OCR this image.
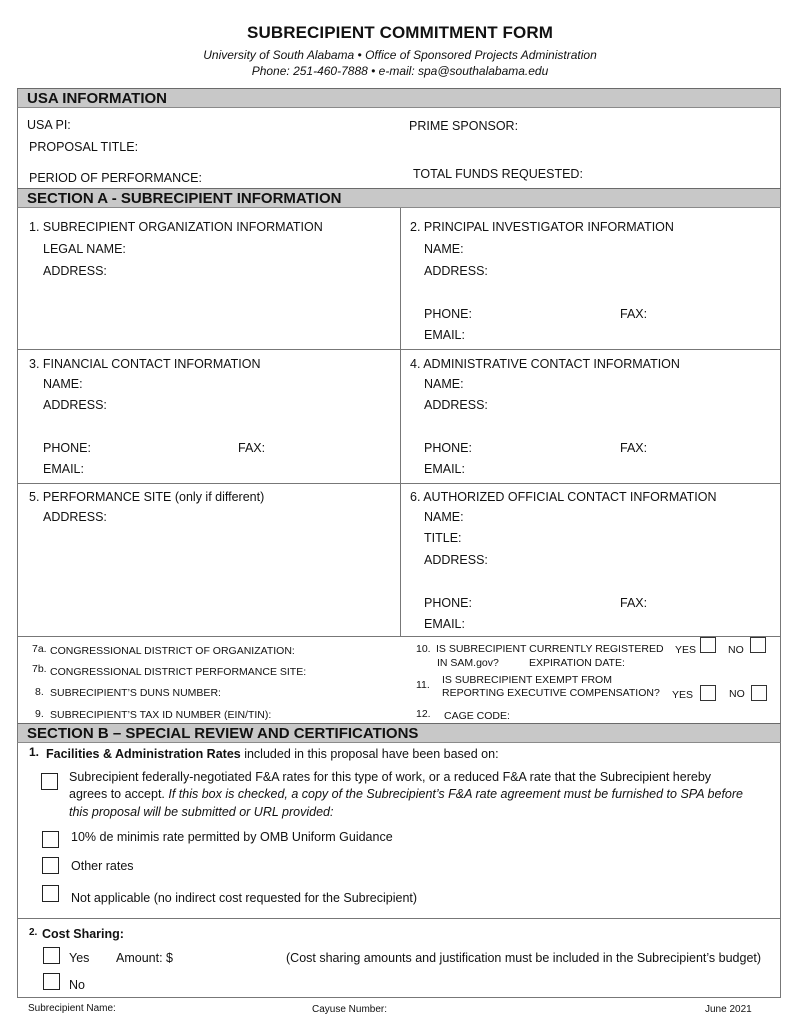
SUBRECIPIENT COMMITMENT FORM
University of South Alabama • Office of Sponsored Projects Administration
Phone: 251-460-7888 • e-mail: spa@southalabama.edu
USA INFORMATION
USA PI:	PRIME SPONSOR:
PROPOSAL TITLE:
PERIOD OF PERFORMANCE:	TOTAL FUNDS REQUESTED:
SECTION A - SUBRECIPIENT INFORMATION
1. SUBRECIPIENT ORGANIZATION INFORMATION
LEGAL NAME:
ADDRESS:
2. PRINCIPAL INVESTIGATOR INFORMATION
NAME:
ADDRESS:
PHONE:	FAX:
EMAIL:
3. FINANCIAL CONTACT INFORMATION
NAME:
ADDRESS:
PHONE:	FAX:
EMAIL:
4. ADMINISTRATIVE CONTACT INFORMATION
NAME:
ADDRESS:
PHONE:	FAX:
EMAIL:
5. PERFORMANCE SITE (only if different)
ADDRESS:
6. AUTHORIZED OFFICIAL CONTACT INFORMATION
NAME:
TITLE:
ADDRESS:
PHONE:	FAX:
EMAIL:
7a. CONGRESSIONAL DISTRICT OF ORGANIZATION:
7b. CONGRESSIONAL DISTRICT PERFORMANCE SITE:
8. SUBRECIPIENT’S DUNS NUMBER:
9. SUBRECIPIENT’S TAX ID NUMBER (EIN/TIN):
10. IS SUBRECIPIENT CURRENTLY REGISTERED
IN SAM.gov?	EXPIRATION DATE:
YES	NO
11. IS SUBRECIPIENT EXEMPT FROM
REPORTING EXECUTIVE COMPENSATION? YES	NO
12. CAGE CODE:
SECTION B – SPECIAL REVIEW AND CERTIFICATIONS
1. Facilities & Administration Rates included in this proposal have been based on:
Subrecipient federally-negotiated F&A rates for this type of work, or a reduced F&A rate that the Subrecipient hereby
agrees to accept. If this box is checked, a copy of the Subrecipient’s F&A rate agreement must be furnished to SPA before
this proposal will be submitted or URL provided:
10% de minimis rate permitted by OMB Uniform Guidance
Other rates
Not applicable (no indirect cost requested for the Subrecipient)
2. Cost Sharing:
Yes Amount: $	(Cost sharing amounts and justification must be included in the Subrecipient’s budget)
No
Subrecipient Name:	Cayuse Number:	June 2021
